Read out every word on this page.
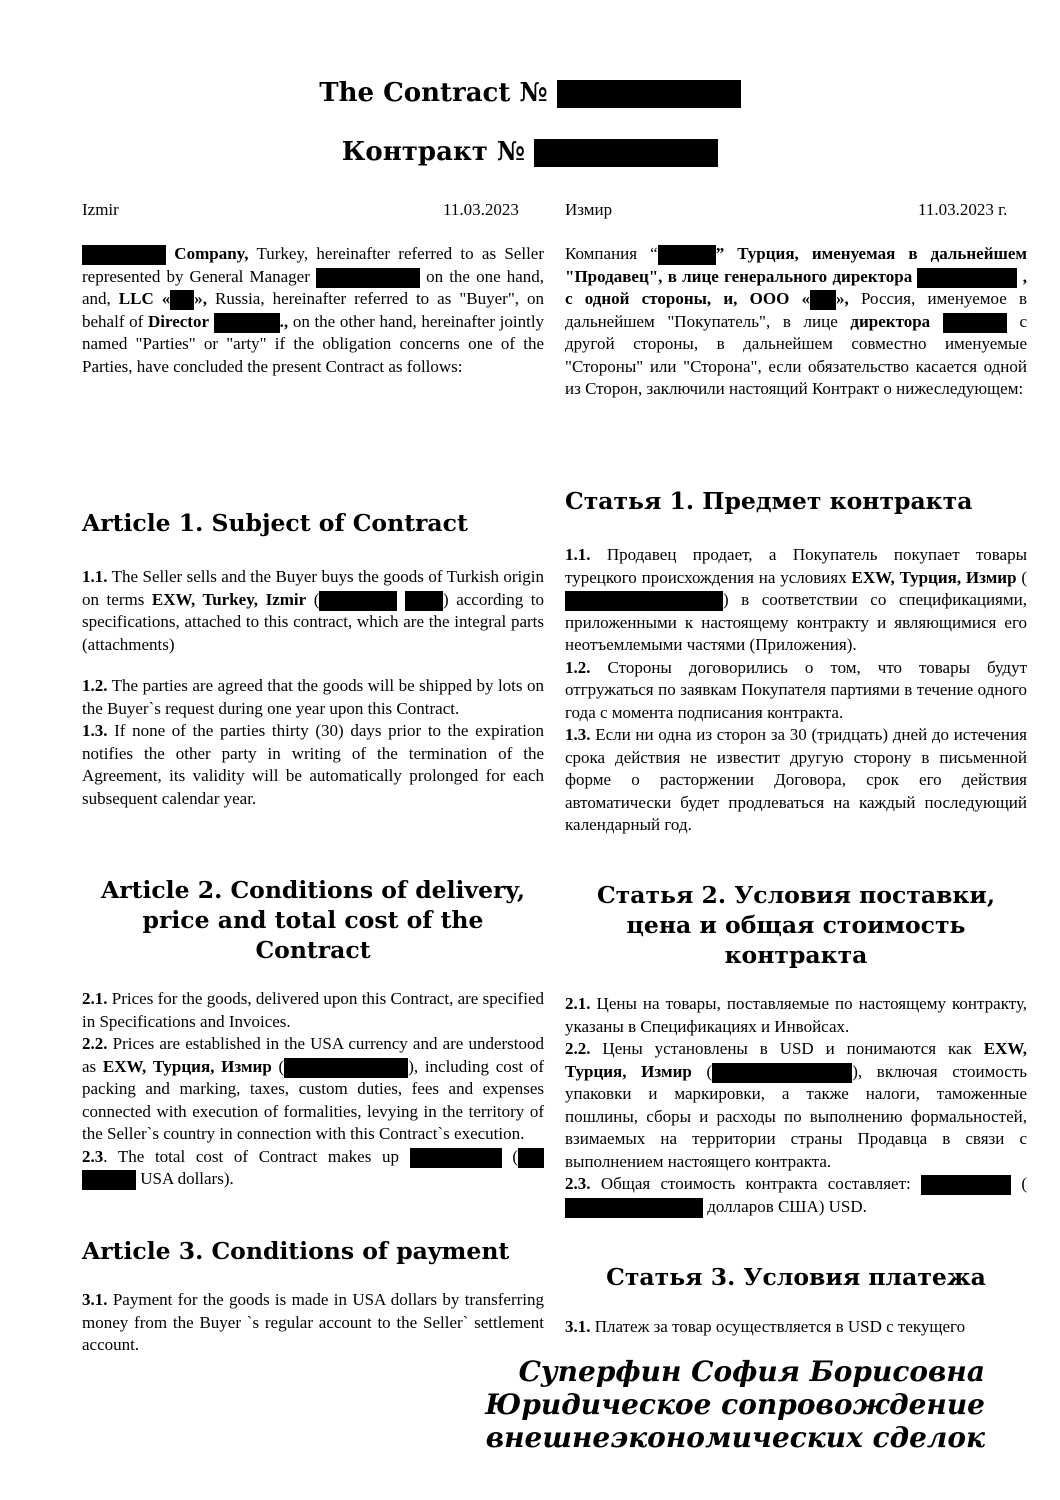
The Contract №
Контракт №
Izmir	11.03.2023	Измир	11.03.2023 г.
Company, Turkey, hereinafter referred to as Seller represented by General Manager	on the one hand, and, LLC « », Russia, hereinafter referred to as "Buyer", on behalf of Director	., on the other hand, hereinafter jointly named "Parties" or "arty" if the obligation concerns one of the Parties, have concluded the present Contract as follows:
Компания “	” Турция, именуемая в дальнейшем "Продавец", в лице генерального директора	, с одной стороны, и, ООО « », Россия, именуемое в дальнейшем "Покупатель", в лице директора	с другой стороны, в дальнейшем совместно именуемые "Стороны" или "Сторона", если обязательство касается одной из Сторон, заключили настоящий Контракт о нижеследующем:
Article 1. Subject of Contract
1.1. The Seller sells and the Buyer buys the goods of Turkish origin on terms EXW, Turkey, Izmir (	) according to specifications, attached to this contract, which are the integral parts (attachments)
1.2. The parties are agreed that the goods will be shipped by lots on the Buyer`s request during one year upon this Contract.
1.3. If none of the parties thirty (30) days prior to the expiration notifies the other party in writing of the termination of the Agreement, its validity will be automatically prolonged for each subsequent calendar year.
Статья 1. Предмет контракта
1.1. Продавец продает, а Покупатель покупает товары турецкого происхождения на условиях EXW, Турция, Измир () в соответствии со спецификациями, приложенными к настоящему контракту и являющимися его неотъемлемыми частями (Приложения).
1.2. Стороны договорились о том, что товары будут отгружаться по заявкам Покупателя партиями в течение одного года с момента подписания контракта.
1.3. Если ни одна из сторон за 30 (тридцать) дней до истечения срока действия не известит другую сторону в письменной форме о расторжении Договора, срок его действия автоматически будет продлеваться на каждый последующий календарный год.
Article 2. Conditions of delivery, price and total cost of the Contract
2.1. Prices for the goods, delivered upon this Contract, are specified in Specifications and Invoices.
2.2. Prices are established in the USA currency and are understood as EXW, Турция, Измир (	), including cost of packing and marking, taxes, custom duties, fees and expenses connected with execution of formalities, levying in the territory of the Seller`s country in connection with this Contract`s execution.
2.3. The total cost of Contract makes up	(  USA dollars).
Статья 2. Условия поставки, цена и общая стоимость контракта
2.1. Цены на товары, поставляемые по настоящему контракту, указаны в Спецификациях и Инвойсах.
2.2. Цены установлены в USD и понимаются как EXW, Турция, Измир (	), включая стоимость упаковки и маркировки, а также налоги, таможенные пошлины, сборы и расходы по выполнению формальностей, взимаемых на территории страны Продавца в связи с выполнением настоящего контракта.
2.3. Общая стоимость контракта составляет:	( долларов США) USD.
Article 3. Conditions of payment
3.1. Payment for the goods is made in USA dollars by transferring money from the Buyer `s regular account to the Seller` settlement account.
Статья 3. Условия платежа
3.1. Платеж за товар осуществляется в USD с текущего
Суперфин София Борисовна
Юридическое сопровождение
внешнеэкономических сделок
